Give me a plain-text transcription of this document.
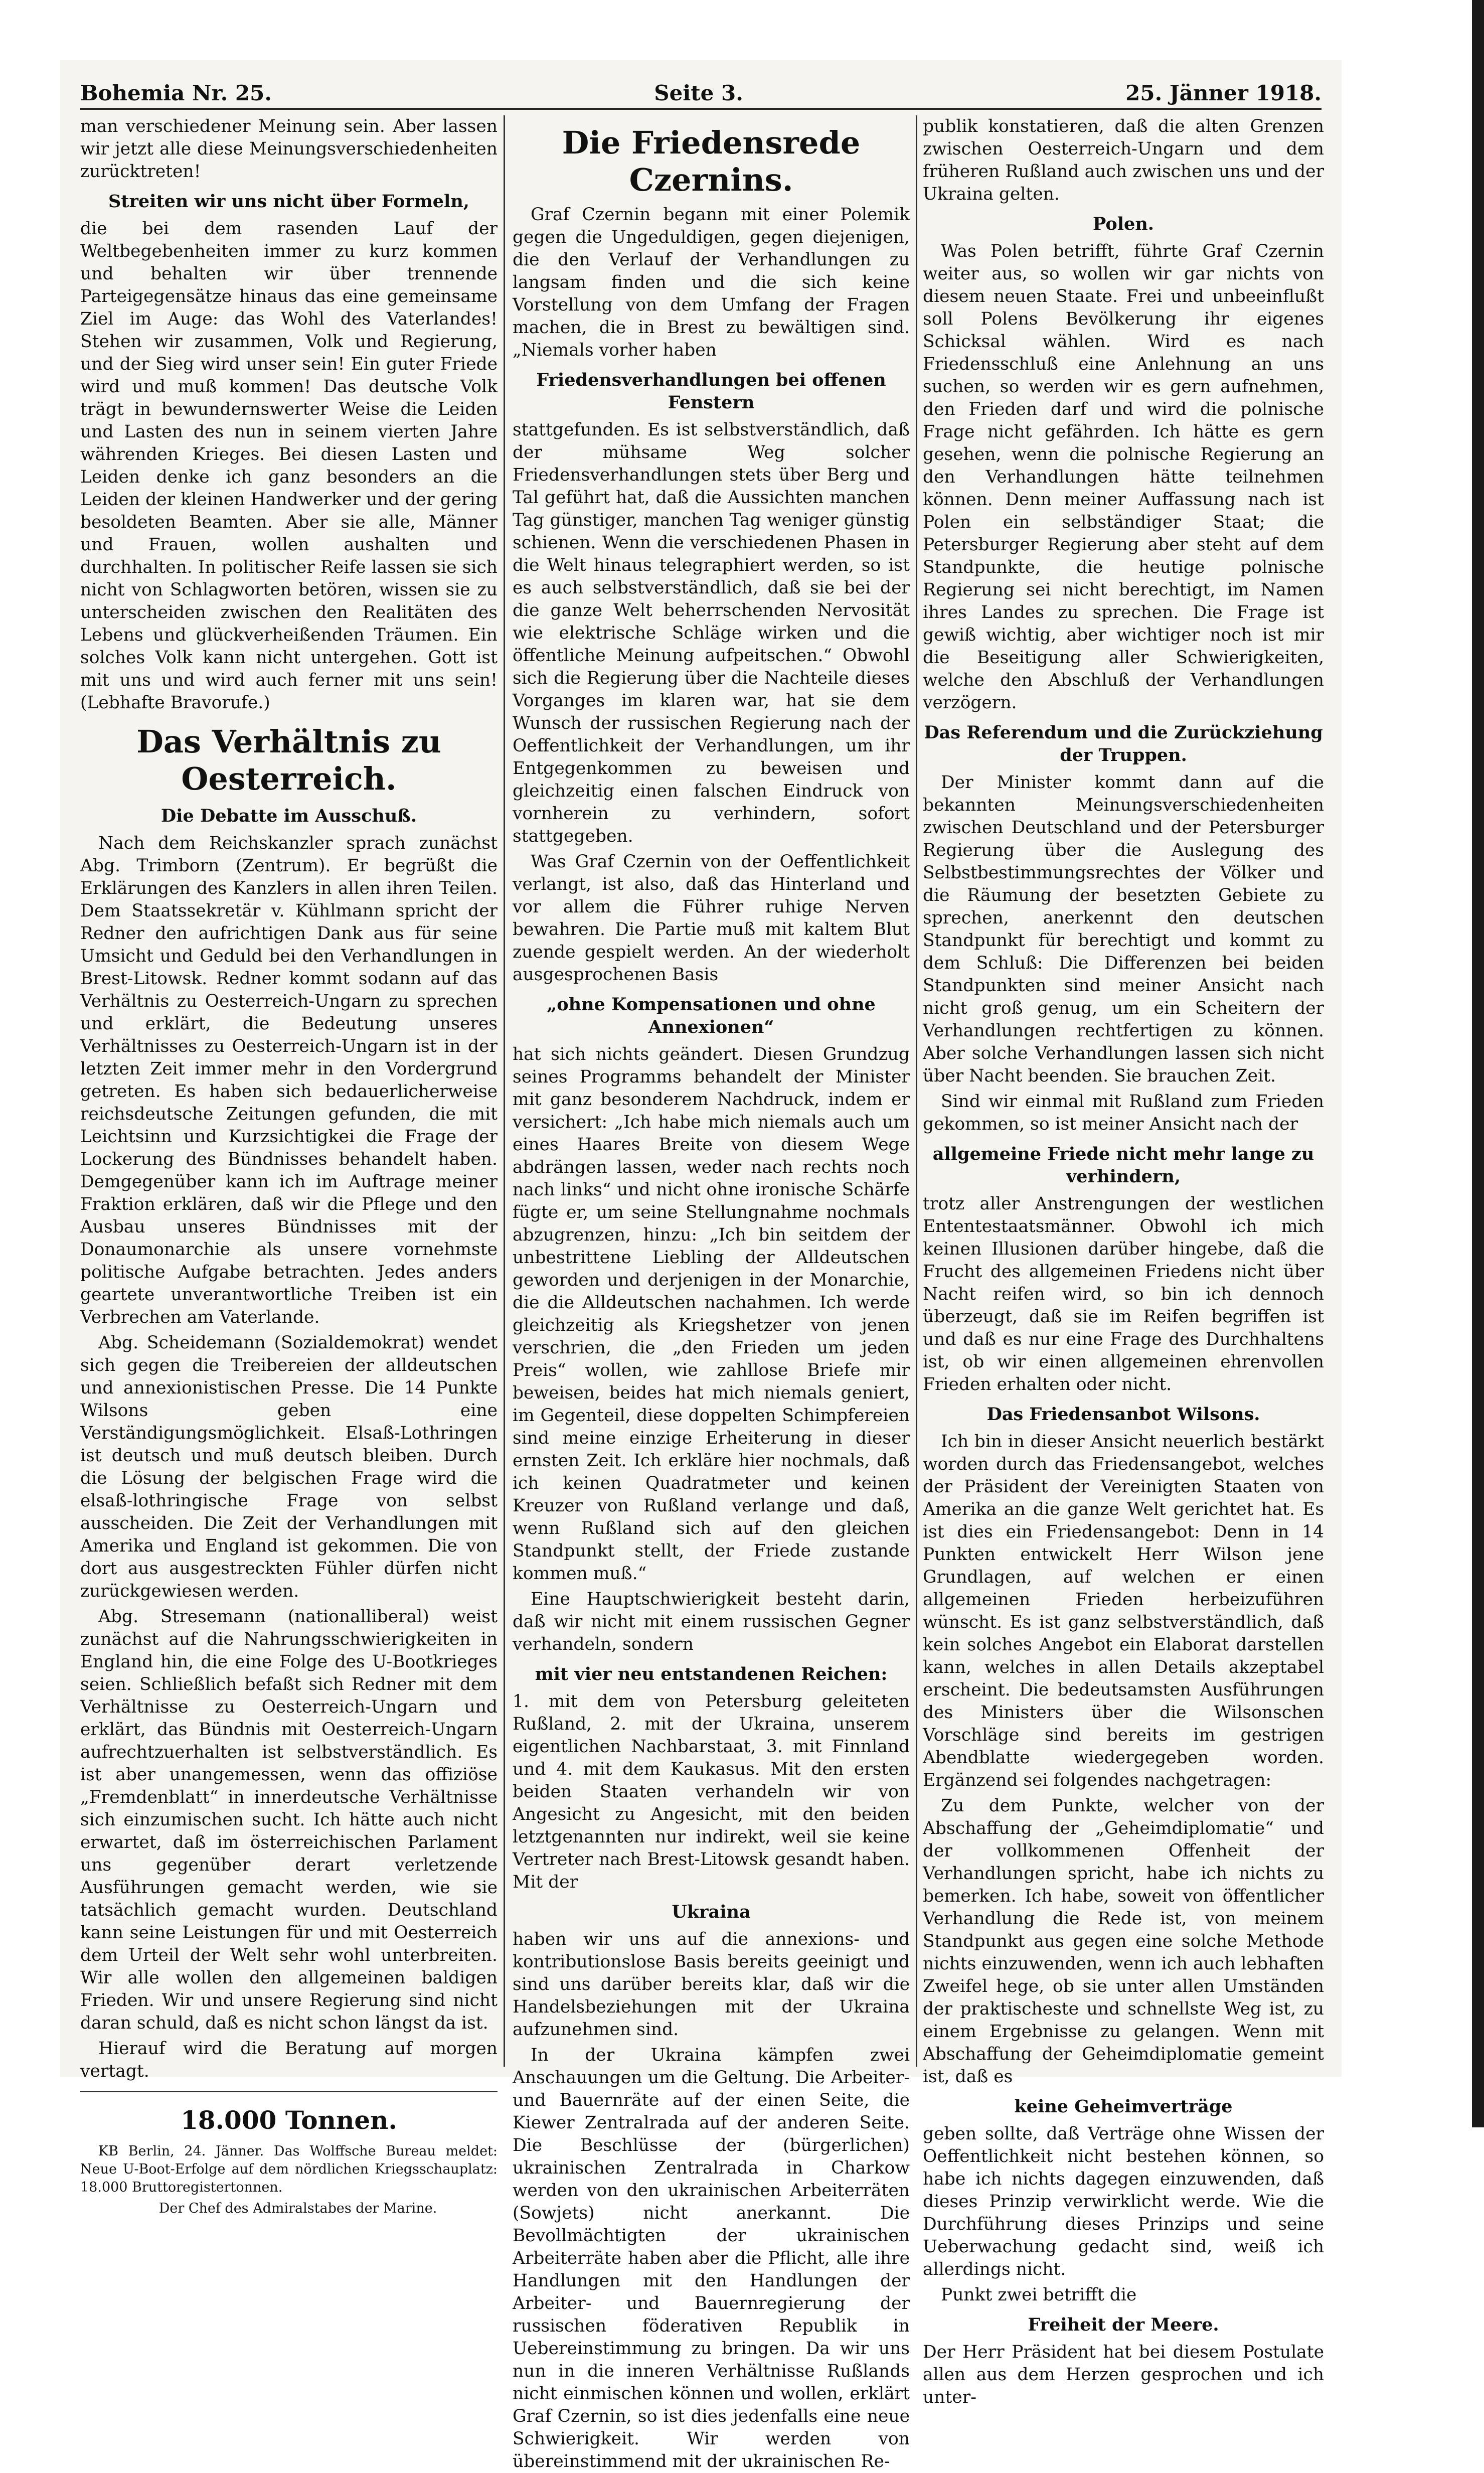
Bohemia Nr. 25.	Seite 3.	25. Jänner 1918.

man verschiedener Meinung sein. Aber lassen wir jetzt alle diese Meinungsverschiedenheiten zurücktreten!

Streiten wir uns nicht über Formeln,

die bei dem rasenden Lauf der Weltbegebenheiten immer zu kurz kommen und behalten wir über trennende Parteigegensätze hinaus das eine gemeinsame Ziel im Auge: das Wohl des Vaterlandes! Stehen wir zusammen, Volk und Regierung, und der Sieg wird unser sein! Ein guter Friede wird und muß kommen! Das deutsche Volk trägt in bewundernswerter Weise die Leiden und Lasten des nun in seinem vierten Jahre währenden Krieges. Bei diesen Lasten und Leiden denke ich ganz besonders an die Leiden der kleinen Handwerker und der gering besoldeten Beamten. Aber sie alle, Männer und Frauen, wollen aushalten und durchhalten. In politischer Reife lassen sie sich nicht von Schlagworten betören, wissen sie zu unterscheiden zwischen den Realitäten des Lebens und glückverheißenden Träumen. Ein solches Volk kann nicht untergehen. Gott ist mit uns und wird auch ferner mit uns sein! (Lebhafte Bravorufe.)

Das Verhältnis zu Oesterreich.
Die Debatte im Ausschuß.

Nach dem Reichskanzler sprach zunächst Abg. Trimborn (Zentrum). Er begrüßt die Erklärungen des Kanzlers in allen ihren Teilen. Dem Staatssekretär v. Kühlmann spricht der Redner den aufrichtigen Dank aus für seine Umsicht und Geduld bei den Verhandlungen in Brest-Litowsk. Redner kommt sodann auf das Verhältnis zu Oesterreich-Ungarn zu sprechen und erklärt, die Bedeutung unseres Verhältnisses zu Oesterreich-Ungarn ist in der letzten Zeit immer mehr in den Vordergrund getreten. Es haben sich bedauerlicherweise reichsdeutsche Zeitungen gefunden, die mit Leichtsinn und Kurzsichtigkei die Frage der Lockerung des Bündnisses behandelt haben. Demgegenüber kann ich im Auftrage meiner Fraktion erklären, daß wir die Pflege und den Ausbau unseres Bündnisses mit der Donaumonarchie als unsere vornehmste politische Aufgabe betrachten. Jedes anders geartete unverantwortliche Treiben ist ein Verbrechen am Vaterlande.

Abg. Scheidemann (Sozialdemokrat) wendet sich gegen die Treibereien der alldeutschen und annexionistischen Presse. Die 14 Punkte Wilsons geben eine Verständigungsmöglichkeit. Elsaß-Lothringen ist deutsch und muß deutsch bleiben. Durch die Lösung der belgischen Frage wird die elsaß-lothringische Frage von selbst ausscheiden. Die Zeit der Verhandlungen mit Amerika und England ist gekommen. Die von dort aus ausgestreckten Fühler dürfen nicht zurückgewiesen werden.

Abg. Stresemann (nationalliberal) weist zunächst auf die Nahrungsschwierigkeiten in England hin, die eine Folge des U-Bootkrieges seien. Schließlich befaßt sich Redner mit dem Verhältnisse zu Oesterreich-Ungarn und erklärt, das Bündnis mit Oesterreich-Ungarn aufrechtzuerhalten ist selbstverständlich. Es ist aber unangemessen, wenn das offiziöse „Fremdenblatt“ in innerdeutsche Verhältnisse sich einzumischen sucht. Ich hätte auch nicht erwartet, daß im österreichischen Parlament uns gegenüber derart verletzende Ausführungen gemacht werden, wie sie tatsächlich gemacht wurden. Deutschland kann seine Leistungen für und mit Oesterreich dem Urteil der Welt sehr wohl unterbreiten. Wir alle wollen den allgemeinen baldigen Frieden. Wir und unsere Regierung sind nicht daran schuld, daß es nicht schon längst da ist.

Hierauf wird die Beratung auf morgen vertagt.

18.000 Tonnen.

KB Berlin, 24. Jänner. Das Wolffsche Bureau meldet: Neue U-Boot-Erfolge auf dem nördlichen Kriegsschauplatz: 18.000 Bruttoregistertonnen.

Der Chef des Admiralstabes der Marine.

Die Friedensrede Czernins.

Graf Czernin begann mit einer Polemik gegen die Ungeduldigen, gegen diejenigen, die den Verlauf der Verhandlungen zu langsam finden und die sich keine Vorstellung von dem Umfang der Fragen machen, die in Brest zu bewältigen sind. „Niemals vorher haben

Friedensverhandlungen bei offenen Fenstern

stattgefunden. Es ist selbstverständlich, daß der mühsame Weg solcher Friedensverhandlungen stets über Berg und Tal geführt hat, daß die Aussichten manchen Tag günstiger, manchen Tag weniger günstig schienen. Wenn die verschiedenen Phasen in die Welt hinaus telegraphiert werden, so ist es auch selbstverständlich, daß sie bei der die ganze Welt beherrschenden Nervosität wie elektrische Schläge wirken und die öffentliche Meinung aufpeitschen.“ Obwohl sich die Regierung über die Nachteile dieses Vorganges im klaren war, hat sie dem Wunsch der russischen Regierung nach der Oeffentlichkeit der Verhandlungen, um ihr Entgegenkommen zu beweisen und gleichzeitig einen falschen Eindruck von vornherein zu verhindern, sofort stattgegeben.

Was Graf Czernin von der Oeffentlichkeit verlangt, ist also, daß das Hinterland und vor allem die Führer ruhige Nerven bewahren. Die Partie muß mit kaltem Blut zuende gespielt werden. An der wiederholt ausgesprochenen Basis

„ohne Kompensationen und ohne Annexionen“

hat sich nichts geändert. Diesen Grundzug seines Programms behandelt der Minister mit ganz besonderem Nachdruck, indem er versichert: „Ich habe mich niemals auch um eines Haares Breite von diesem Wege abdrängen lassen, weder nach rechts noch nach links“ und nicht ohne ironische Schärfe fügte er, um seine Stellungnahme nochmals abzugrenzen, hinzu: „Ich bin seitdem der unbestrittene Liebling der Alldeutschen geworden und derjenigen in der Monarchie, die die Alldeutschen nachahmen. Ich werde gleichzeitig als Kriegshetzer von jenen verschrien, die „den Frieden um jeden Preis“ wollen, wie zahllose Briefe mir beweisen, beides hat mich niemals geniert, im Gegenteil, diese doppelten Schimpfereien sind meine einzige Erheiterung in dieser ernsten Zeit. Ich erkläre hier nochmals, daß ich keinen Quadratmeter und keinen Kreuzer von Rußland verlange und daß, wenn Rußland sich auf den gleichen Standpunkt stellt, der Friede zustande kommen muß.“

Eine Hauptschwierigkeit besteht darin, daß wir nicht mit einem russischen Gegner verhandeln, sondern

mit vier neu entstandenen Reichen:

1. mit dem von Petersburg geleiteten Rußland, 2. mit der Ukraina, unserem eigentlichen Nachbarstaat, 3. mit Finnland und 4. mit dem Kaukasus. Mit den ersten beiden Staaten verhandeln wir von Angesicht zu Angesicht, mit den beiden letztgenannten nur indirekt, weil sie keine Vertreter nach Brest-Litowsk gesandt haben. Mit der

Ukraina

haben wir uns auf die annexions- und kontributionslose Basis bereits geeinigt und sind uns darüber bereits klar, daß wir die Handelsbeziehungen mit der Ukraina aufzunehmen sind.

In der Ukraina kämpfen zwei Anschauungen um die Geltung. Die Arbeiter- und Bauernräte auf der einen Seite, die Kiewer Zentralrada auf der anderen Seite. Die Beschlüsse der (bürgerlichen) ukrainischen Zentralrada in Charkow werden von den ukrainischen Arbeiterräten (Sowjets) nicht anerkannt. Die Bevollmächtigten der ukrainischen Arbeiterräte haben aber die Pflicht, alle ihre Handlungen mit den Handlungen der Arbeiter- und Bauernregierung der russischen föderativen Republik in Uebereinstimmung zu bringen. Da wir uns nun in die inneren Verhältnisse Rußlands nicht einmischen können und wollen, erklärt Graf Czernin, so ist dies jedenfalls eine neue Schwierigkeit. Wir werden von übereinstimmend mit der ukrainischen Re-

publik konstatieren, daß die alten Grenzen zwischen Oesterreich-Ungarn und dem früheren Rußland auch zwischen uns und der Ukraina gelten.

Polen.

Was Polen betrifft, führte Graf Czernin weiter aus, so wollen wir gar nichts von diesem neuen Staate. Frei und unbeeinflußt soll Polens Bevölkerung ihr eigenes Schicksal wählen. Wird es nach Friedensschluß eine Anlehnung an uns suchen, so werden wir es gern aufnehmen, den Frieden darf und wird die polnische Frage nicht gefährden. Ich hätte es gern gesehen, wenn die polnische Regierung an den Verhandlungen hätte teilnehmen können. Denn meiner Auffassung nach ist Polen ein selbständiger Staat; die Petersburger Regierung aber steht auf dem Standpunkte, die heutige polnische Regierung sei nicht berechtigt, im Namen ihres Landes zu sprechen. Die Frage ist gewiß wichtig, aber wichtiger noch ist mir die Beseitigung aller Schwierigkeiten, welche den Abschluß der Verhandlungen verzögern.

Das Referendum und die Zurückziehung der Truppen.

Der Minister kommt dann auf die bekannten Meinungsverschiedenheiten zwischen Deutschland und der Petersburger Regierung über die Auslegung des Selbstbestimmungsrechtes der Völker und die Räumung der besetzten Gebiete zu sprechen, anerkennt den deutschen Standpunkt für berechtigt und kommt zu dem Schluß: Die Differenzen bei beiden Standpunkten sind meiner Ansicht nach nicht groß genug, um ein Scheitern der Verhandlungen rechtfertigen zu können. Aber solche Verhandlungen lassen sich nicht über Nacht beenden. Sie brauchen Zeit.

Sind wir einmal mit Rußland zum Frieden gekommen, so ist meiner Ansicht nach der

allgemeine Friede nicht mehr lange zu verhindern,

trotz aller Anstrengungen der westlichen Ententestaatsmänner. Obwohl ich mich keinen Illusionen darüber hingebe, daß die Frucht des allgemeinen Friedens nicht über Nacht reifen wird, so bin ich dennoch überzeugt, daß sie im Reifen begriffen ist und daß es nur eine Frage des Durchhaltens ist, ob wir einen allgemeinen ehrenvollen Frieden erhalten oder nicht.

Das Friedensanbot Wilsons.

Ich bin in dieser Ansicht neuerlich bestärkt worden durch das Friedensangebot, welches der Präsident der Vereinigten Staaten von Amerika an die ganze Welt gerichtet hat. Es ist dies ein Friedensangebot: Denn in 14 Punkten entwickelt Herr Wilson jene Grundlagen, auf welchen er einen allgemeinen Frieden herbeizuführen wünscht. Es ist ganz selbstverständlich, daß kein solches Angebot ein Elaborat darstellen kann, welches in allen Details akzeptabel erscheint. Die bedeutsamsten Ausführungen des Ministers über die Wilsonschen Vorschläge sind bereits im gestrigen Abendblatte wiedergegeben worden. Ergänzend sei folgendes nachgetragen:

Zu dem Punkte, welcher von der Abschaffung der „Geheimdiplomatie“ und der vollkommenen Offenheit der Verhandlungen spricht, habe ich nichts zu bemerken. Ich habe, soweit von öffentlicher Verhandlung die Rede ist, von meinem Standpunkt aus gegen eine solche Methode nichts einzuwenden, wenn ich auch lebhaften Zweifel hege, ob sie unter allen Umständen der praktischeste und schnellste Weg ist, zu einem Ergebnisse zu gelangen. Wenn mit Abschaffung der Geheimdiplomatie gemeint ist, daß es

keine Geheimverträge

geben sollte, daß Verträge ohne Wissen der Oeffentlichkeit nicht bestehen können, so habe ich nichts dagegen einzuwenden, daß dieses Prinzip verwirklicht werde. Wie die Durchführung dieses Prinzips und seine Ueberwachung gedacht sind, weiß ich allerdings nicht.

Punkt zwei betrifft die

Freiheit der Meere.

Der Herr Präsident hat bei diesem Postulate allen aus dem Herzen gesprochen und ich unter-
